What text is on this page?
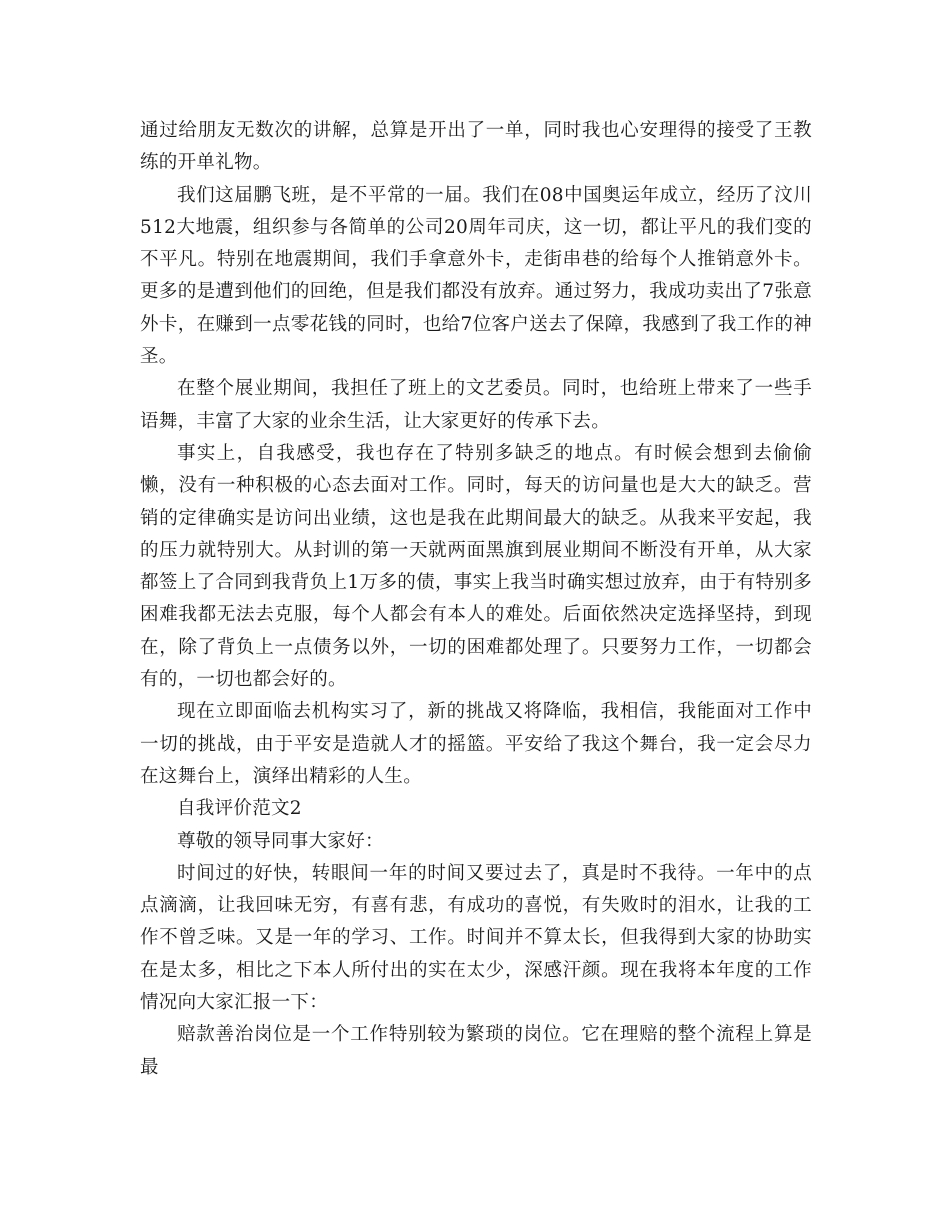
通过给朋友无数次的讲解，总算是开出了一单，同时我也心安理得的接受了王教练的开单礼物。

我们这届鹏飞班，是不平常的一届。我们在08中国奥运年成立，经历了汶川512大地震，组织参与各简单的公司20周年司庆，这一切，都让平凡的我们变的不平凡。特别在地震期间，我们手拿意外卡，走街串巷的给每个人推销意外卡。更多的是遭到他们的回绝，但是我们都没有放弃。通过努力，我成功卖出了7张意外卡，在赚到一点零花钱的同时，也给7位客户送去了保障，我感到了我工作的神圣。

在整个展业期间，我担任了班上的文艺委员。同时，也给班上带来了一些手语舞，丰富了大家的业余生活，让大家更好的传承下去。

事实上，自我感受，我也存在了特别多缺乏的地点。有时候会想到去偷偷懒，没有一种积极的心态去面对工作。同时，每天的访问量也是大大的缺乏。营销的定律确实是访问出业绩，这也是我在此期间最大的缺乏。从我来平安起，我的压力就特别大。从封训的第一天就两面黑旗到展业期间不断没有开单，从大家都签上了合同到我背负上1万多的债，事实上我当时确实想过放弃，由于有特别多困难我都无法去克服，每个人都会有本人的难处。后面依然决定选择坚持，到现在，除了背负上一点债务以外，一切的困难都处理了。只要努力工作，一切都会有的，一切也都会好的。

现在立即面临去机构实习了，新的挑战又将降临，我相信，我能面对工作中一切的挑战，由于平安是造就人才的摇篮。平安给了我这个舞台，我一定会尽力在这舞台上，演绎出精彩的人生。

自我评价范文2

尊敬的领导同事大家好：

时间过的好快，转眼间一年的时间又要过去了，真是时不我待。一年中的点点滴滴，让我回味无穷，有喜有悲，有成功的喜悦，有失败时的泪水，让我的工作不曾乏味。又是一年的学习、工作。时间并不算太长，但我得到大家的协助实在是太多，相比之下本人所付出的实在太少，深感汗颜。现在我将本年度的工作情况向大家汇报一下：

赔款善治岗位是一个工作特别较为繁琐的岗位。它在理赔的整个流程上算是最
